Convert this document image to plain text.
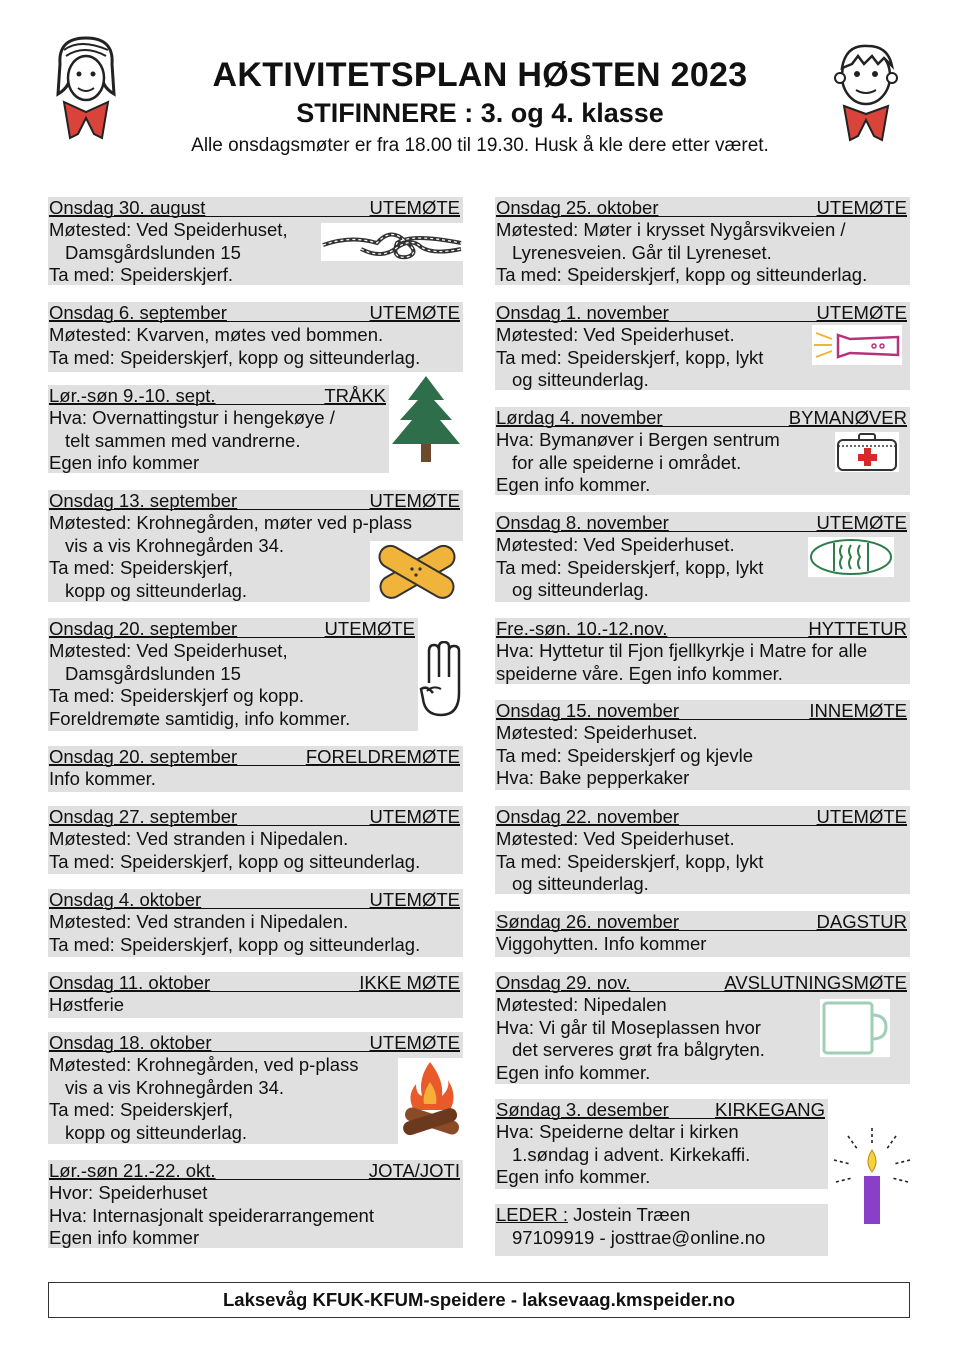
AKTIVITETSPLAN HØSTEN 2023
STIFINNERE : 3. og 4. klasse
Alle onsdagsmøter er fra 18.00 til 19.30. Husk å kle dere etter været.
Onsdag 30. august	UTEMØTE
Møtested: Ved Speiderhuset,
Damsgårdslunden 15
Ta med: Speiderskjerf.
Onsdag 6. september	UTEMØTE
Møtested: Kvarven, møtes ved bommen.
Ta med: Speiderskjerf, kopp og sitteunderlag.
Lør.-søn 9.-10. sept.	TRÅKK
Hva: Overnattingstur i hengekøye /
telt sammen med vandrerne.
Egen info kommer
Onsdag 13. september	UTEMØTE
Møtested: Krohnegården, møter ved p-plass
vis a vis Krohnegården 34.
Ta med: Speiderskjerf,
kopp og sitteunderlag.
Onsdag 20. september	UTEMØTE
Møtested: Ved Speiderhuset,
Damsgårdslunden 15
Ta med: Speiderskjerf og kopp.
Foreldremøte samtidig, info kommer.
Onsdag 20. september	FORELDREMØTE
Info kommer.
Onsdag 27. september	UTEMØTE
Møtested: Ved stranden i Nipedalen.
Ta med: Speiderskjerf, kopp og sitteunderlag.
Onsdag 4. oktober	UTEMØTE
Møtested: Ved stranden i Nipedalen.
Ta med: Speiderskjerf, kopp og sitteunderlag.
Onsdag 11. oktober	IKKE MØTE
Høstferie
Onsdag 18. oktober	UTEMØTE
Møtested: Krohnegården, ved p-plass
vis a vis Krohnegården 34.
Ta med: Speiderskjerf,
kopp og sitteunderlag.
Lør.-søn 21.-22. okt.	JOTA/JOTI
Hvor: Speiderhuset
Hva: Internasjonalt speiderarrangement
Egen info kommer
Onsdag 25. oktober	UTEMØTE
Møtested: Møter i krysset Nygårsvikveien /
Lyrenesveien. Går til Lyreneset.
Ta med: Speiderskjerf, kopp og sitteunderlag.
Onsdag 1. november	UTEMØTE
Møtested: Ved Speiderhuset.
Ta med: Speiderskjerf, kopp, lykt
og sitteunderlag.
Lørdag 4. november	BYMANØVER
Hva: Bymanøver i Bergen sentrum
for alle speiderne i området.
Egen info kommer.
Onsdag 8. november	UTEMØTE
Møtested: Ved Speiderhuset.
Ta med: Speiderskjerf, kopp, lykt
og sitteunderlag.
Fre.-søn. 10.-12.nov.	HYTTETUR
Hva: Hyttetur til Fjon fjellkyrkje i Matre for alle
speiderne våre. Egen info kommer.
Onsdag 15. november	INNEMØTE
Møtested: Speiderhuset.
Ta med: Speiderskjerf og kjevle
Hva: Bake pepperkaker
Onsdag 22. november	UTEMØTE
Møtested: Ved Speiderhuset.
Ta med: Speiderskjerf, kopp, lykt
og sitteunderlag.
Søndag 26. november	DAGSTUR
Viggohytten. Info kommer
Onsdag 29. nov.	AVSLUTNINGSMØTE
Møtested: Nipedalen
Hva: Vi går til Moseplassen hvor
det serveres grøt fra bålgryten.
Egen info kommer.
Søndag 3. desember KIRKEGANG
Hva: Speiderne deltar i kirken
1.søndag i advent. Kirkekaffi.
Egen info kommer.
LEDER : Jostein Træen
97109919 - josttrae@online.no
Laksevåg KFUK-KFUM-speidere - laksevaag.kmspeider.no
